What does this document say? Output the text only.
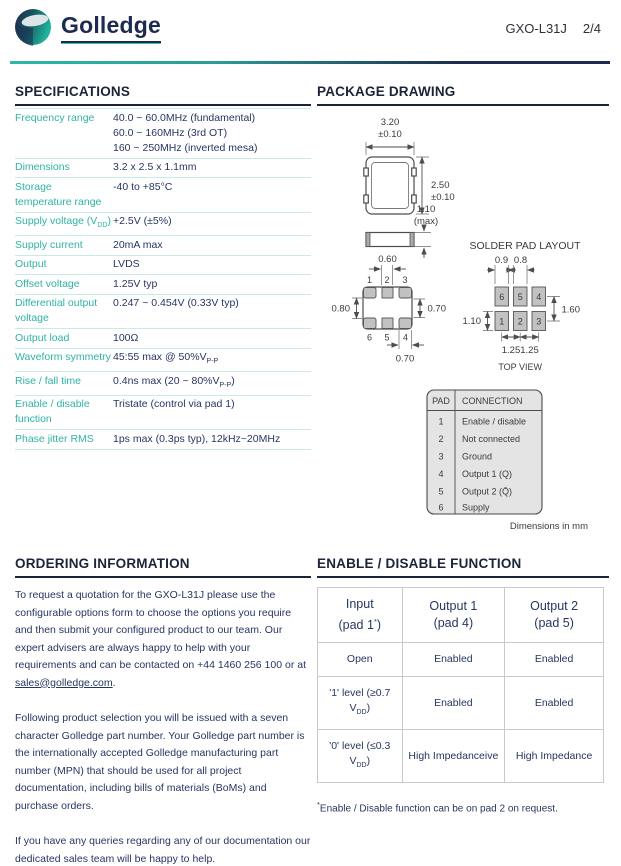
Golledge	GXO-L31J 2/4
SPECIFICATIONS
Frequency range	40.0 ~ 60.0MHz (fundamental)
60.0 ~ 160MHz (3rd OT)
160 ~ 250MHz (inverted mesa)
Dimensions	3.2 x 2.5 x 1.1mm
Storage temperature range	-40 to +85°C
Supply voltage $(V_{DD})$	+2.5V (±5%)
Supply current	20mA max
Output	LVDS
Offset voltage	1.25V typ
Differential output voltage	0.247 ~ 0.454V (0.33V typ)
Output load	100Ω
Waveform symmetry	45:55 max @ $50\%V_{P-P}$
Rise / fall time	0.4ns max (20 ~ $80\%V_{P-P}$)
Enable / disable function	Tristate (control via pad 1)
Phase jitter RMS	1ps max (0.3ps typ), 12kHz~20MHz
PACKAGE DRAWING
3.20
±0.10
2.50
±0.10
1.10
(max)
0.60
1 2 3
6 5 4
0.80	0.70
0.70
SOLDER PAD LAYOUT
0.9 0.8
6 5 4
1 2 3
1.60
1.10
1.25 1.25
TOP VIEW
PAD CONNECTION
1 Enable / disable
2 Not connected
3 Ground
4 Output 1 (Q)
5 Output 2 (Q̄)
6 Supply
Dimensions in mm
ORDERING INFORMATION

To request a quotation for the GXO-L31J please use the configurable options form to choose the options you require and then submit your configured product to our team. Our expert advisers are always happy to help with your requirements and can be contacted on +44 1460 256 100 or at sales@golledge.com.

Following product selection you will be issued with a seven character Golledge part number. Your Golledge part number is the internationally accepted Golledge manufacturing part number (MPN) that should be used for all project documentation, including bills of materials (BoMs) and purchase orders.

If you have any queries regarding any of our documentation our dedicated sales team will be happy to help.

ENABLE / DISABLE FUNCTION
Input (pad 1*)	Output 1 (pad 4)	Output 2 (pad 5)
Open	Enabled	Enabled
'1' level (≥0.7 $V_{DD}$)	Enabled	Enabled
'0' level (≤0.3 $V_{DD}$)	High Impedanceive	High Impedance

*Enable / Disable function can be on pad 2 on request.
